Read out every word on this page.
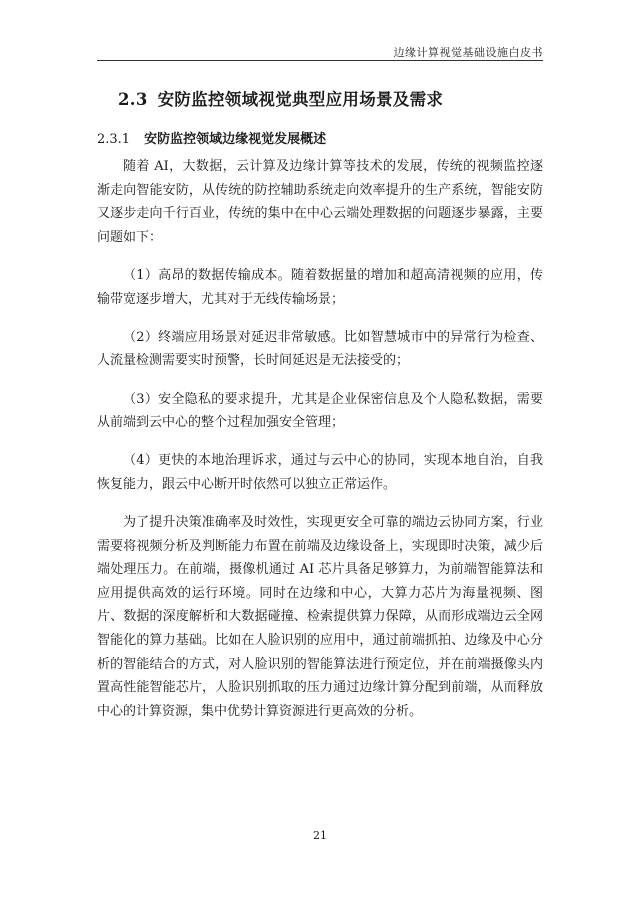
边缘计算视觉基础设施白皮书
2.3 安防监控领域视觉典型应用场景及需求
2.3.1 安防监控领域边缘视觉发展概述

随着 AI，大数据，云计算及边缘计算等技术的发展，传统的视频监控逐渐走向智能安防，从传统的防控辅助系统走向效率提升的生产系统，智能安防又逐步走向千行百业，传统的集中在中心云端处理数据的问题逐步暴露，主要问题如下：

（1）高昂的数据传输成本。随着数据量的增加和超高清视频的应用，传输带宽逐步增大，尤其对于无线传输场景；

（2）终端应用场景对延迟非常敏感。比如智慧城市中的异常行为检查、人流量检测需要实时预警，长时间延迟是无法接受的；

（3）安全隐私的要求提升，尤其是企业保密信息及个人隐私数据，需要从前端到云中心的整个过程加强安全管理；

（4）更快的本地治理诉求，通过与云中心的协同，实现本地自治，自我恢复能力，跟云中心断开时依然可以独立正常运作。

为了提升决策准确率及时效性，实现更安全可靠的端边云协同方案，行业需要将视频分析及判断能力布置在前端及边缘设备上，实现即时决策，减少后端处理压力。在前端，摄像机通过 AI 芯片具备足够算力，为前端智能算法和应用提供高效的运行环境。同时在边缘和中心，大算力芯片为海量视频、图片、数据的深度解析和大数据碰撞、检索提供算力保障，从而形成端边云全网智能化的算力基础。比如在人脸识别的应用中，通过前端抓拍、边缘及中心分析的智能结合的方式，对人脸识别的智能算法进行预定位，并在前端摄像头内置高性能智能芯片，人脸识别抓取的压力通过边缘计算分配到前端，从而释放中心的计算资源，集中优势计算资源进行更高效的分析。

21
